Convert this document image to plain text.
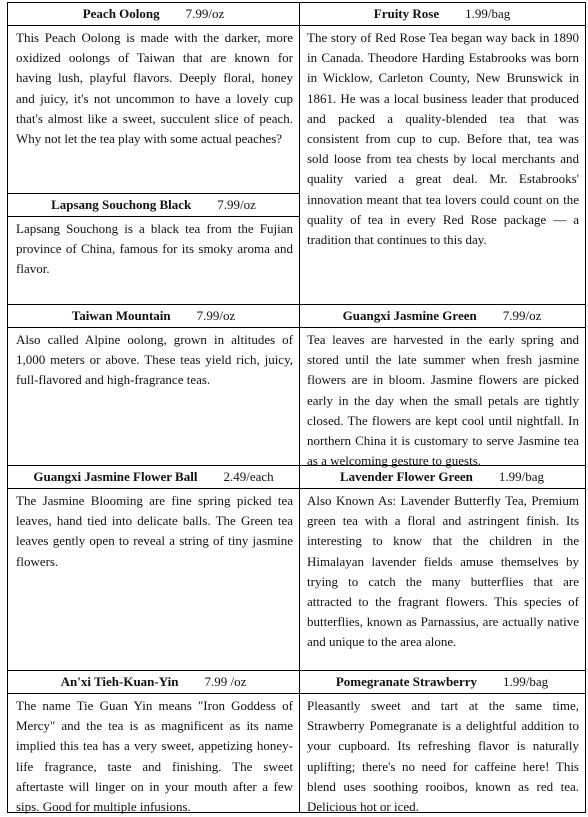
Peach Oolong 7.99/oz
This Peach Oolong is made with the darker, more oxidized oolongs of Taiwan that are known for having lush, playful flavors. Deeply floral, honey and juicy, it's not uncommon to have a lovely cup that's almost like a sweet, succulent slice of peach. Why not let the tea play with some actual peaches?
Lapsang Souchong Black 7.99/oz
Lapsang Souchong is a black tea from the Fujian province of China, famous for its smoky aroma and flavor.
Taiwan Mountain 7.99/oz
Also called Alpine oolong, grown in altitudes of 1,000 meters or above. These teas yield rich, juicy, full-flavored and high-fragrance teas.
Guangxi Jasmine Flower Ball 2.49/each
The Jasmine Blooming are fine spring picked tea leaves, hand tied into delicate balls. The Green tea leaves gently open to reveal a string of tiny jasmine flowers.
An'xi Tieh-Kuan-Yin 7.99 /oz
The name Tie Guan Yin means "Iron Goddess of Mercy" and the tea is as magnificent as its name implied this tea has a very sweet, appetizing honey-life fragrance, taste and finishing. The sweet aftertaste will linger on in your mouth after a few sips. Good for multiple infusions.
Fruity Rose 1.99/bag
The story of Red Rose Tea began way back in 1890 in Canada. Theodore Harding Estabrooks was born in Wicklow, Carleton County, New Brunswick in 1861. He was a local business leader that produced and packed a quality-blended tea that was consistent from cup to cup. Before that, tea was sold loose from tea chests by local merchants and quality varied a great deal. Mr. Estabrooks' innovation meant that tea lovers could count on the quality of tea in every Red Rose package — a tradition that continues to this day.
Guangxi Jasmine Green 7.99/oz
Tea leaves are harvested in the early spring and stored until the late summer when fresh jasmine flowers are in bloom. Jasmine flowers are picked early in the day when the small petals are tightly closed. The flowers are kept cool until nightfall. In northern China it is customary to serve Jasmine tea as a welcoming gesture to guests.
Lavender Flower Green 1.99/bag
Also Known As: Lavender Butterfly Tea, Premium green tea with a floral and astringent finish. Its interesting to know that the children in the Himalayan lavender fields amuse themselves by trying to catch the many butterflies that are attracted to the fragrant flowers. This species of butterflies, known as Parnassius, are actually native and unique to the area alone.
Pomegranate Strawberry 1.99/bag
Pleasantly sweet and tart at the same time, Strawberry Pomegranate is a delightful addition to your cupboard. Its refreshing flavor is naturally uplifting; there's no need for caffeine here! This blend uses soothing rooibos, known as red tea. Delicious hot or iced.
